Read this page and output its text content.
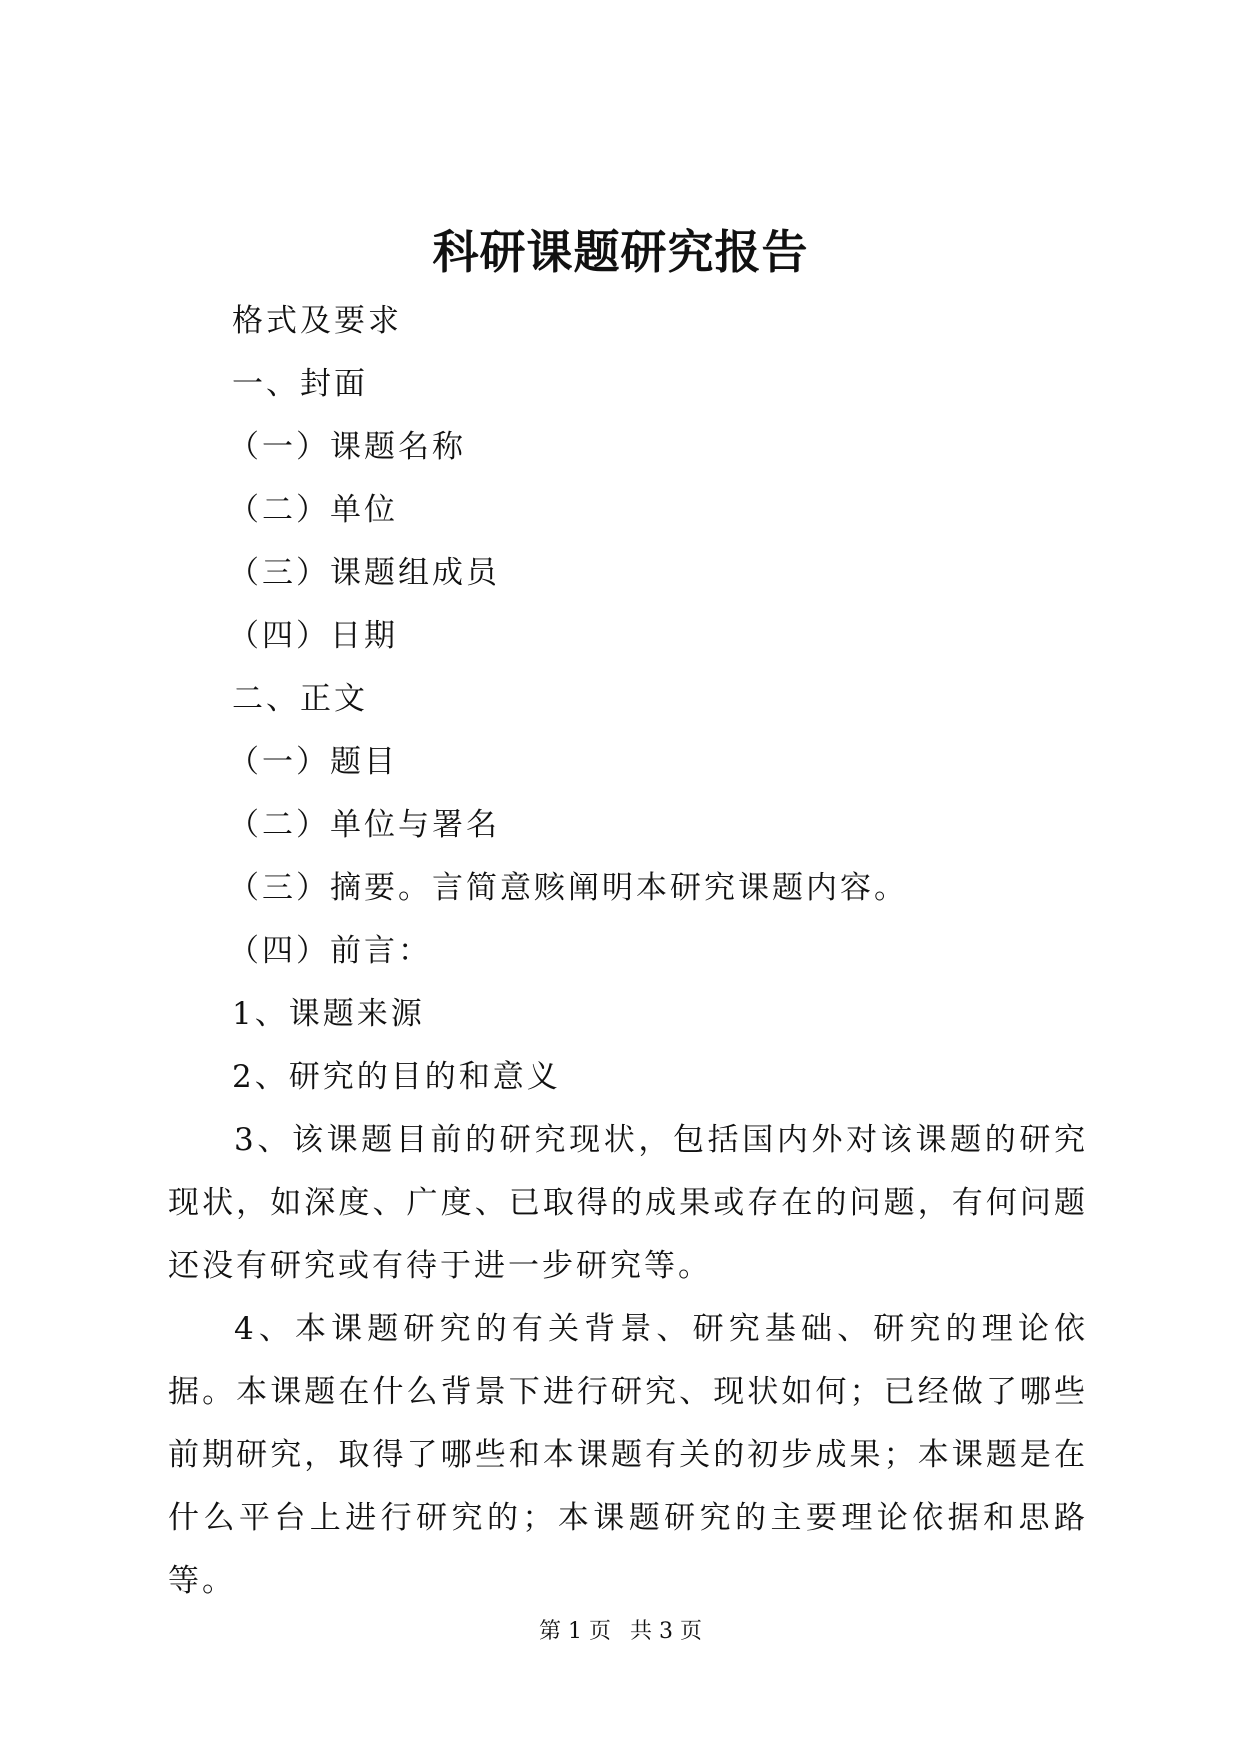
科研课题研究报告

格式及要求

一、封面

（一）课题名称

（二）单位

（三）课题组成员

（四）日期

二、正文

（一）题目

（二）单位与署名

（三）摘要。言简意赅阐明本研究课题内容。

（四）前言：

1、课题来源

2、研究的目的和意义

3、该课题目前的研究现状，包括国内外对该课题的研究现状，如深度、广度、已取得的成果或存在的问题，有何问题还没有研究或有待于进一步研究等。

4、本课题研究的有关背景、研究基础、研究的理论依据。本课题在什么背景下进行研究、现状如何；已经做了哪些前期研究，取得了哪些和本课题有关的初步成果；本课题是在什么平台上进行研究的；本课题研究的主要理论依据和思路等。

第 1 页 共 3 页
